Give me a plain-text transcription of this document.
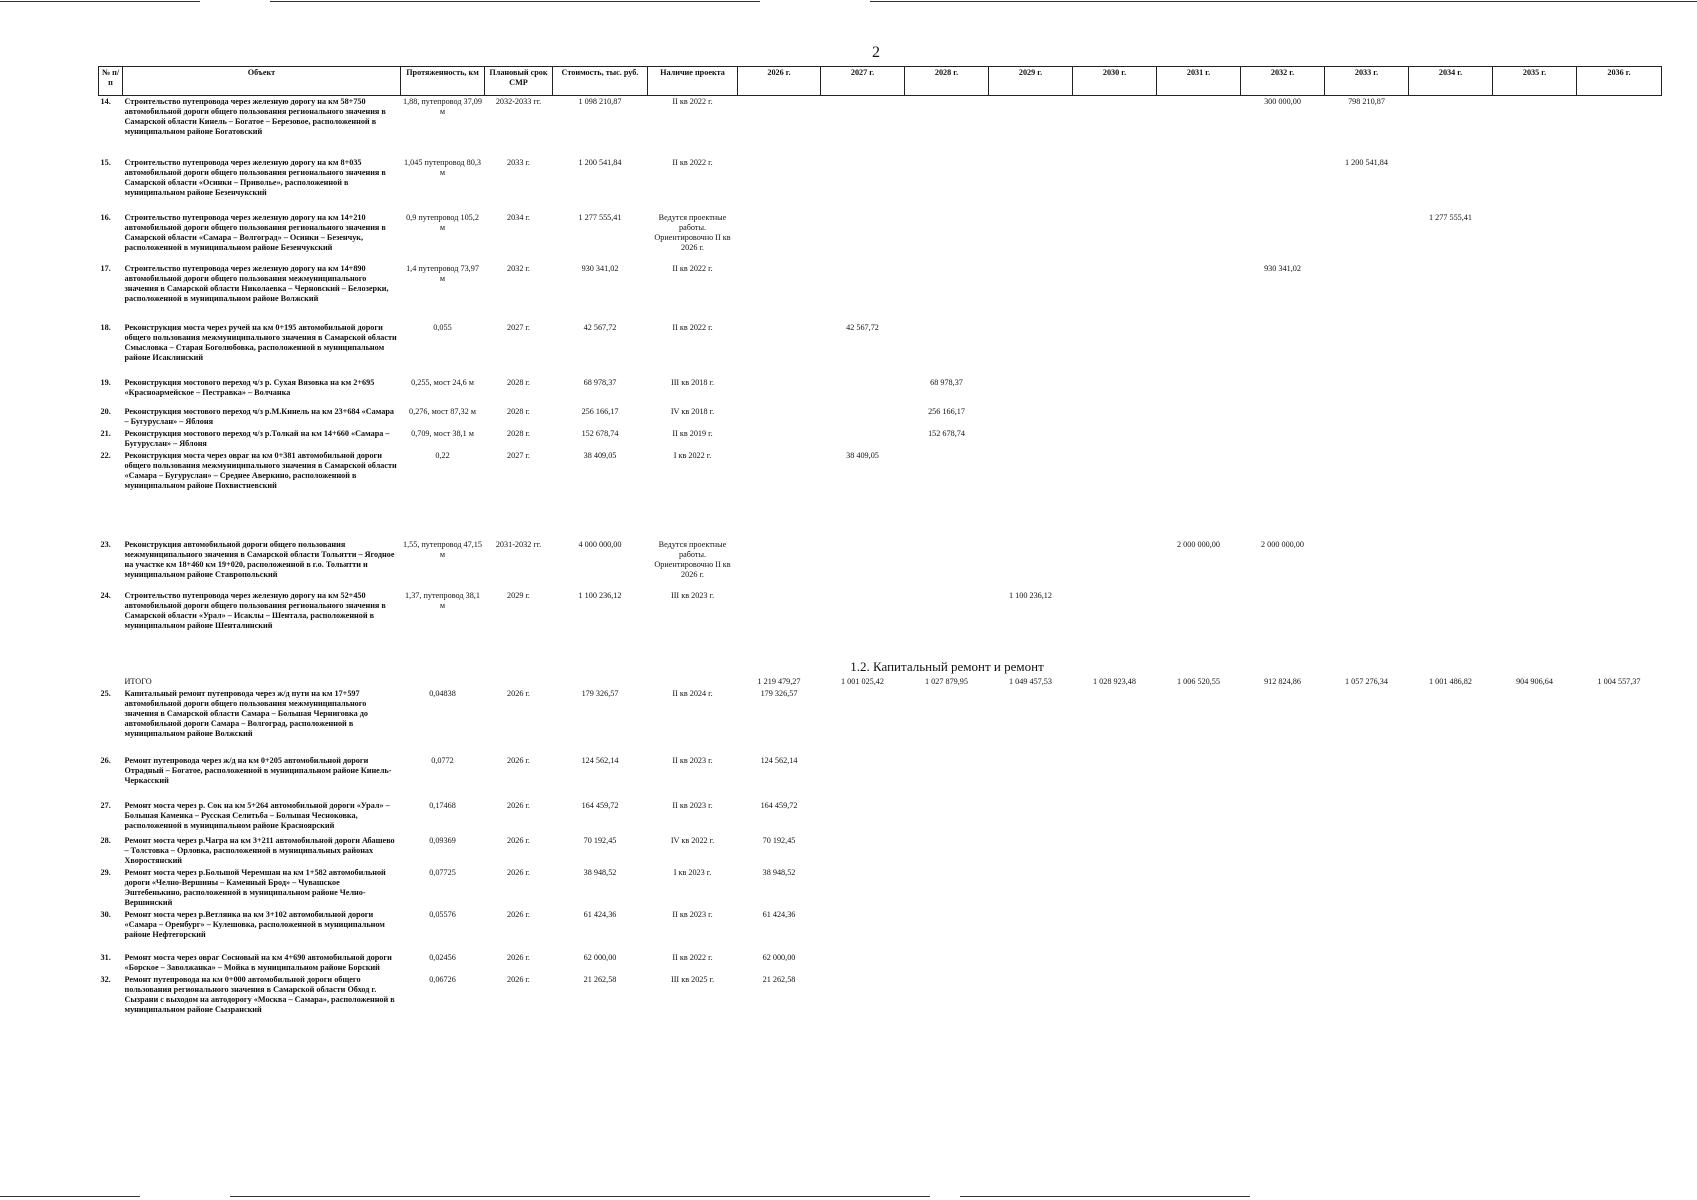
2
№ п/п	Объект	Протяженность, км	Плановый срок СМР	Стоимость, тыс. руб.	Наличие проекта	2026 г.	2027 г.	2028 г.	2029 г.	2030 г.	2031 г.	2032 г.	2033 г.	2034 г.	2035 г.	2036 г.
14.	Строительство путепровода через железную дорогу на км 58+750 автомобильной дороги общего пользования регионального значения в Самарской области Кинель – Богатое – Березовое, расположенной в муниципальном районе Богатовский	1,88, путепровод 37,09 м	2032-2033 гг.	1 098 210,87	II кв 2022 г.							300 000,00	798 210,87			
15.	Строительство путепровода через железную дорогу на км 8+035 автомобильной дороги общего пользования регионального значения в Самарской области «Осинки – Приволье», расположенной в муниципальном районе Безенчукский	1,045 путепровод 80,3 м	2033 г.	1 200 541,84	II кв 2022 г.								1 200 541,84			
16.	Строительство путепровода через железную дорогу на км 14+210 автомобильной дороги общего пользования регионального значения в Самарской области «Самара – Волгоград» – Осинки – Безенчук, расположенной в муниципальном районе Безенчукский	0,9 путепровод 105,2 м	2034 г.	1 277 555,41	Ведутся проектные работы. Ориентировочно II кв 2026 г.									1 277 555,41		
17.	Строительство путепровода через железную дорогу на км 14+890 автомобильной дороги общего пользования межмуниципального значения в Самарской области Николаевка – Черновский – Белозерки, расположенной в муниципальном районе Волжский	1,4 путепровод 73,97 м	2032 г.	930 341,02	II кв 2022 г.							930 341,02				
18.	Реконструкция моста через ручей на км 0+195 автомобильной дороги общего пользования межмуниципального значения в Самарской области Смысловка – Старая Боголюбовка, расположенной в муниципальном районе Исаклинский	0,055	2027 г.	42 567,72	II кв 2022 г.		42 567,72									
19.	Реконструкция мостового переход ч/з р. Сухая Вязовка на км 2+695 «Красноармейское – Пестравка» – Волчанка	0,255, мост 24,6 м	2028 г.	68 978,37	III кв 2018 г.			68 978,37								
20.	Реконструкция мостового переход ч/з р.М.Кинель на км 23+684 «Самара – Бугуруслан» – Яблоня	0,276, мост 87,32 м	2028 г.	256 166,17	IV кв 2018 г.			256 166,17								
21.	Реконструкция мостового переход ч/з р.Толкай на км 14+660 «Самара – Бугуруслан» – Яблоня	0,709, мост 38,1 м	2028 г.	152 678,74	II кв 2019 г.			152 678,74								
22.	Реконструкция моста через овраг на км 0+381 автомобильной дороги общего пользования межмуниципального значения в Самарской области «Самара – Бугуруслан» – Среднее Аверкино, расположенной в муниципальном районе Похвистневский	0,22	2027 г.	38 409,05	I кв 2022 г.		38 409,05									
23.	Реконструкция автомобильной дороги общего пользования межмуниципального значения в Самарской области Тольятти – Ягодное на участке км 18+460 км 19+020, расположенной в г.о. Тольятти и муниципальном районе Ставропольский	1,55, путепровод 47,15 м	2031-2032 гг.	4 000 000,00	Ведутся проектные работы. Ориентировочно II кв 2026 г.						2 000 000,00	2 000 000,00				
24.	Строительство путепровода через железную дорогу на км 52+450 автомобильной дороги общего пользования регионального значения в Самарской области «Урал» – Исаклы – Шентала, расположенной в муниципальном районе Шенталинский	1,37, путепровод 38,1 м	2029 г.	1 100 236,12	III кв 2023 г.				1 100 236,12							
						1.2. Капитальный ремонт и ремонт										
	ИТОГО					1 219 479,27	1 001 025,42	1 027 879,95	1 049 457,53	1 028 923,48	1 006 520,55	912 824,86	1 057 276,34	1 001 486,82	904 906,64	1 004 557,37
25.	Капитальный ремонт путепровода через ж/д пути на км 17+597 автомобильной дороги общего пользования межмуниципального значения в Самарской области Самара – Большая Черниговка до автомобильной дороги Самара – Волгоград, расположенной в муниципальном районе Волжский	0,04838	2026 г.	179 326,57	II кв 2024 г.	179 326,57										
26.	Ремонт путепровода через ж/д на км 0+205 автомобильной дороги Отрадный – Богатое, расположенной в муниципальном районе Кинель-Черкасский	0,0772	2026 г.	124 562,14	II кв 2023 г.	124 562,14										
27.	Ремонт моста через р. Сок на км 5+264 автомобильной дороги «Урал» – Большая Каменка – Русская Селитьба – Большая Чесноковка, расположенной в муниципальном районе Красноярский	0,17468	2026 г.	164 459,72	II кв 2023 г.	164 459,72										
28.	Ремонт моста через р.Чагра на км 3+211 автомобильной дороги Абашево – Толстовка – Орловка, расположенной в муниципальных районах Хворостянский	0,09369	2026 г.	70 192,45	IV кв 2022 г.	70 192,45										
29.	Ремонт моста через р.Большой Черемшан на км 1+582 автомобильной дороги «Челно-Вершины – Каменный Брод» – Чувашское Эштебенькино, расположенной в муниципальном районе Челно-Вершинский	0,07725	2026 г.	38 948,52	I кв 2023 г.	38 948,52										
30.	Ремонт моста через р.Ветлянка на км 3+102 автомобильной дороги «Самара – Оренбург» – Кулешовка, расположенной в муниципальном районе Нефтегорский	0,05576	2026 г.	61 424,36	II кв 2023 г.	61 424,36										
31.	Ремонт моста через овраг Сосновый на км 4+690 автомобильной дороги «Борское – Заволжанка» – Мойка в муниципальном районе Борский	0,02456	2026 г.	62 000,00	II кв 2022 г.	62 000,00										
32.	Ремонт путепровода на км 0+000 автомобильной дороги общего пользования регионального значения в Самарской области Обход г. Сызрани с выходом на автодорогу «Москва – Самара», расположенной в муниципальном районе Сызранский	0,06726	2026 г.	21 262,58	III кв 2025 г.	21 262,58										
